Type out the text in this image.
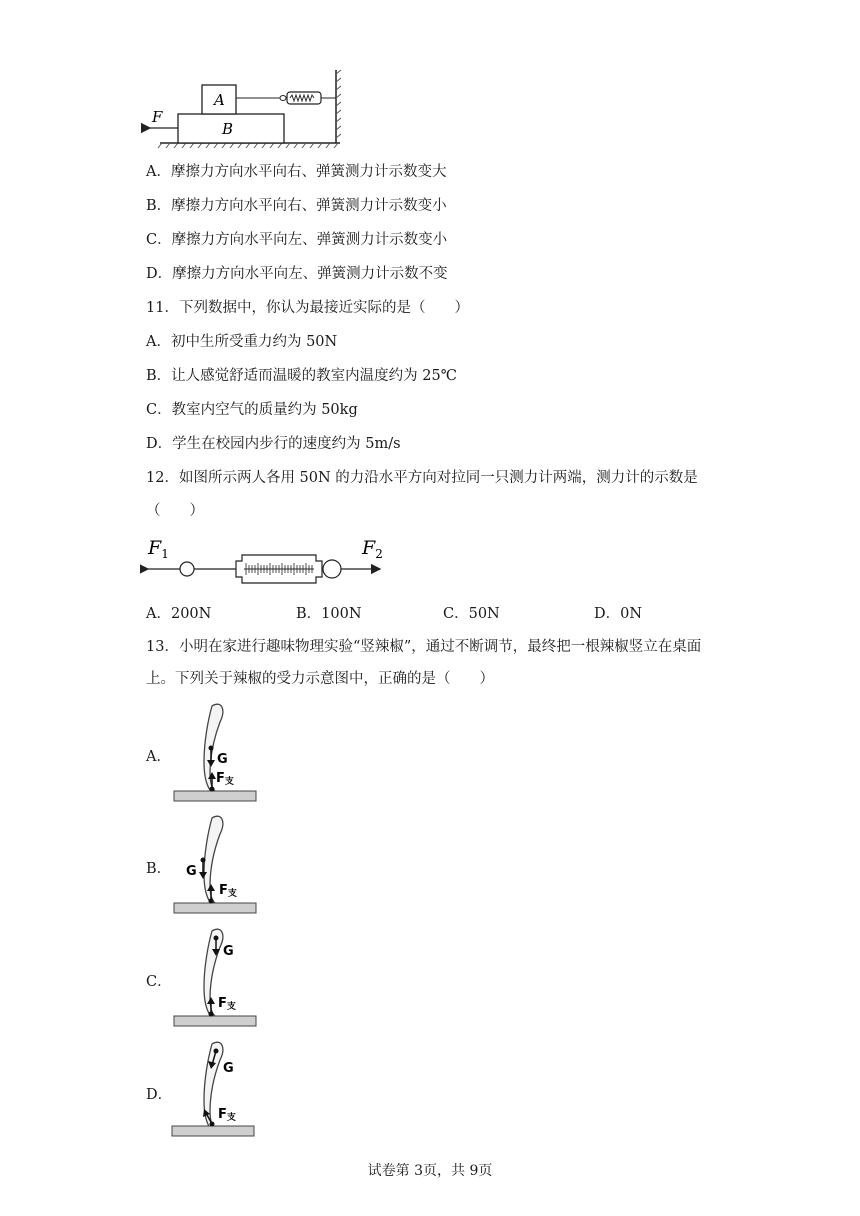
B
A
F
A．摩擦力方向水平向右、弹簧测力计示数变大
B．摩擦力方向水平向右、弹簧测力计示数变小
C．摩擦力方向水平向左、弹簧测力计示数变小
D．摩擦力方向水平向左、弹簧测力计示数不变
11．下列数据中，你认为最接近实际的是（　　）
A．初中生所受重力约为 50N
B．让人感觉舒适而温暖的教室内温度约为 25℃
C．教室内空气的质量约为 50kg
D．学生在校园内步行的速度约为 5m/s
12．如图所示两人各用 50N 的力沿水平方向对拉同一只测力计两端，测力计的示数是
（　　）
$F_1$	$F_2$
A．200N	B．100N	C．50N	D．0N
13．小明在家进行趣味物理实验“竖辣椒”，通过不断调节，最终把一根辣椒竖立在桌面
上。下列关于辣椒的受力示意图中，正确的是（　　）
A．	G
F支
B． G
F支
C．
G
F支
D．
G
F支
试卷第 3页，共 9页
